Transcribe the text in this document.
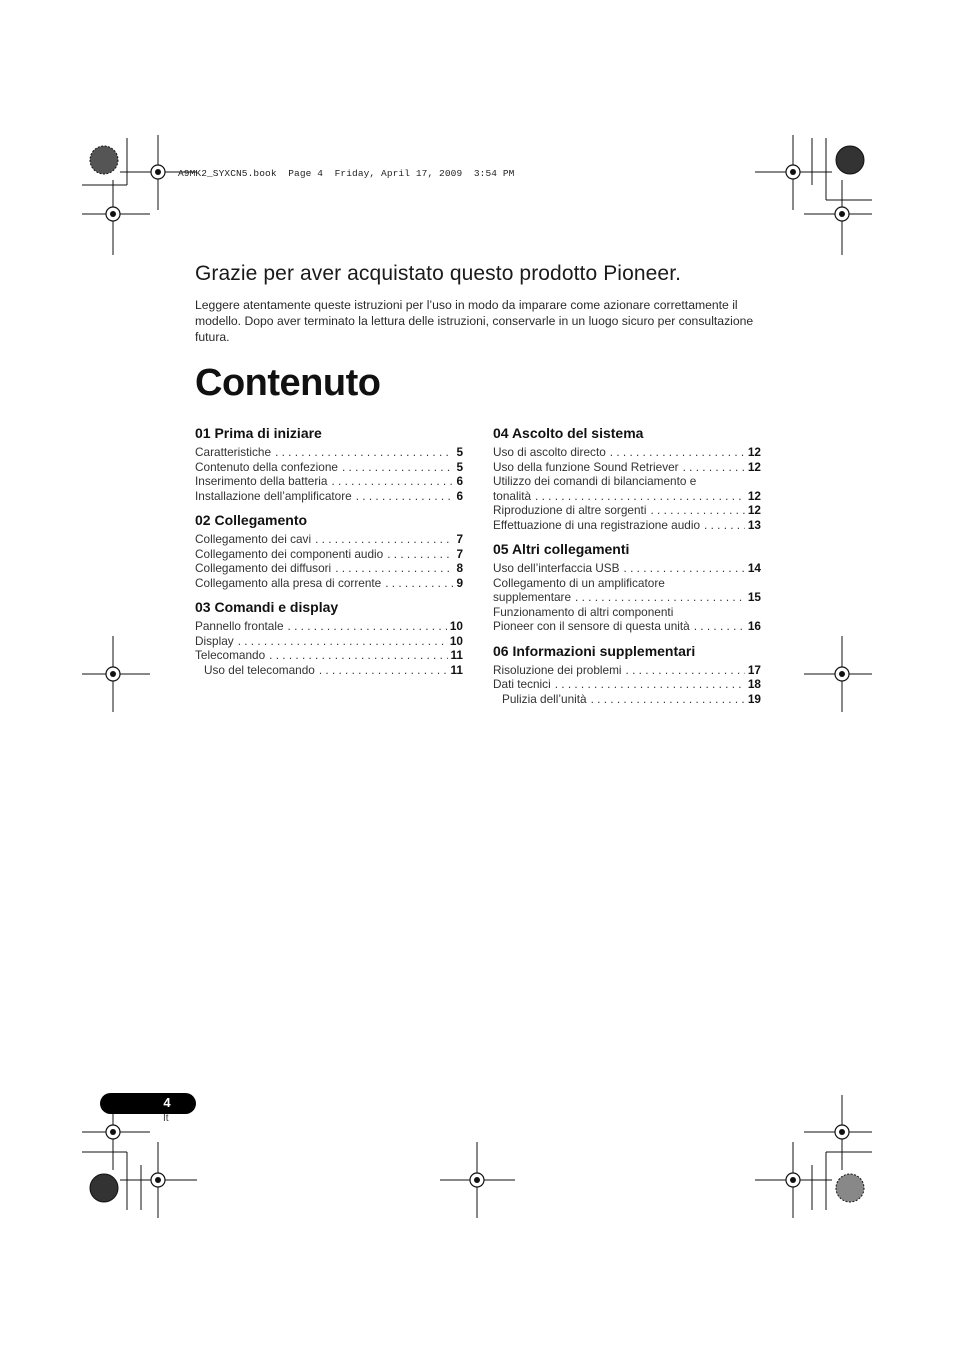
A9MK2_SYXCN5.book  Page 4  Friday, April 17, 2009  3:54 PM
Grazie per aver acquistato questo prodotto Pioneer.

Leggere atentamente queste istruzioni per l’uso in modo da imparare come azionare correttamente il modello. Dopo aver terminato la lettura delle istruzioni, conservarle in un luogo sicuro per consultazione futura.

Contenuto
01 Prima di iniziare
Caratteristiche . . .	5
Contenuto della confezione . . .	5
Inserimento della batteria . . .	6
Installazione dell’amplificatore . . .	6
02 Collegamento
Collegamento dei cavi . . .	7
Collegamento dei componenti audio . . .	7
Collegamento dei diffusori . . .	8
Collegamento alla presa di corrente . . .	9
03 Comandi e display
Pannello frontale . . .	10
Display . . .	10
Telecomando . . .	11
Uso del telecomando . . .	11
04 Ascolto del sistema
Uso di ascolto directo . . .	12
Uso della funzione Sound Retriever . . .	12
Utilizzo dei comandi di bilanciamento e
tonalità . . .	12
Riproduzione di altre sorgenti . . .	12
Effettuazione di una registrazione audio . . .	13
05 Altri collegamenti
Uso dell’interfaccia USB . . .	14
Collegamento di un amplificatore
supplementare . . .	15
Funzionamento di altri componenti
Pioneer con il sensore di questa unità . . .	16
06 Informazioni supplementari
Risoluzione dei problemi . . .	17
Dati tecnici . . .	18
Pulizia dell’unità . . .	19
4
It
